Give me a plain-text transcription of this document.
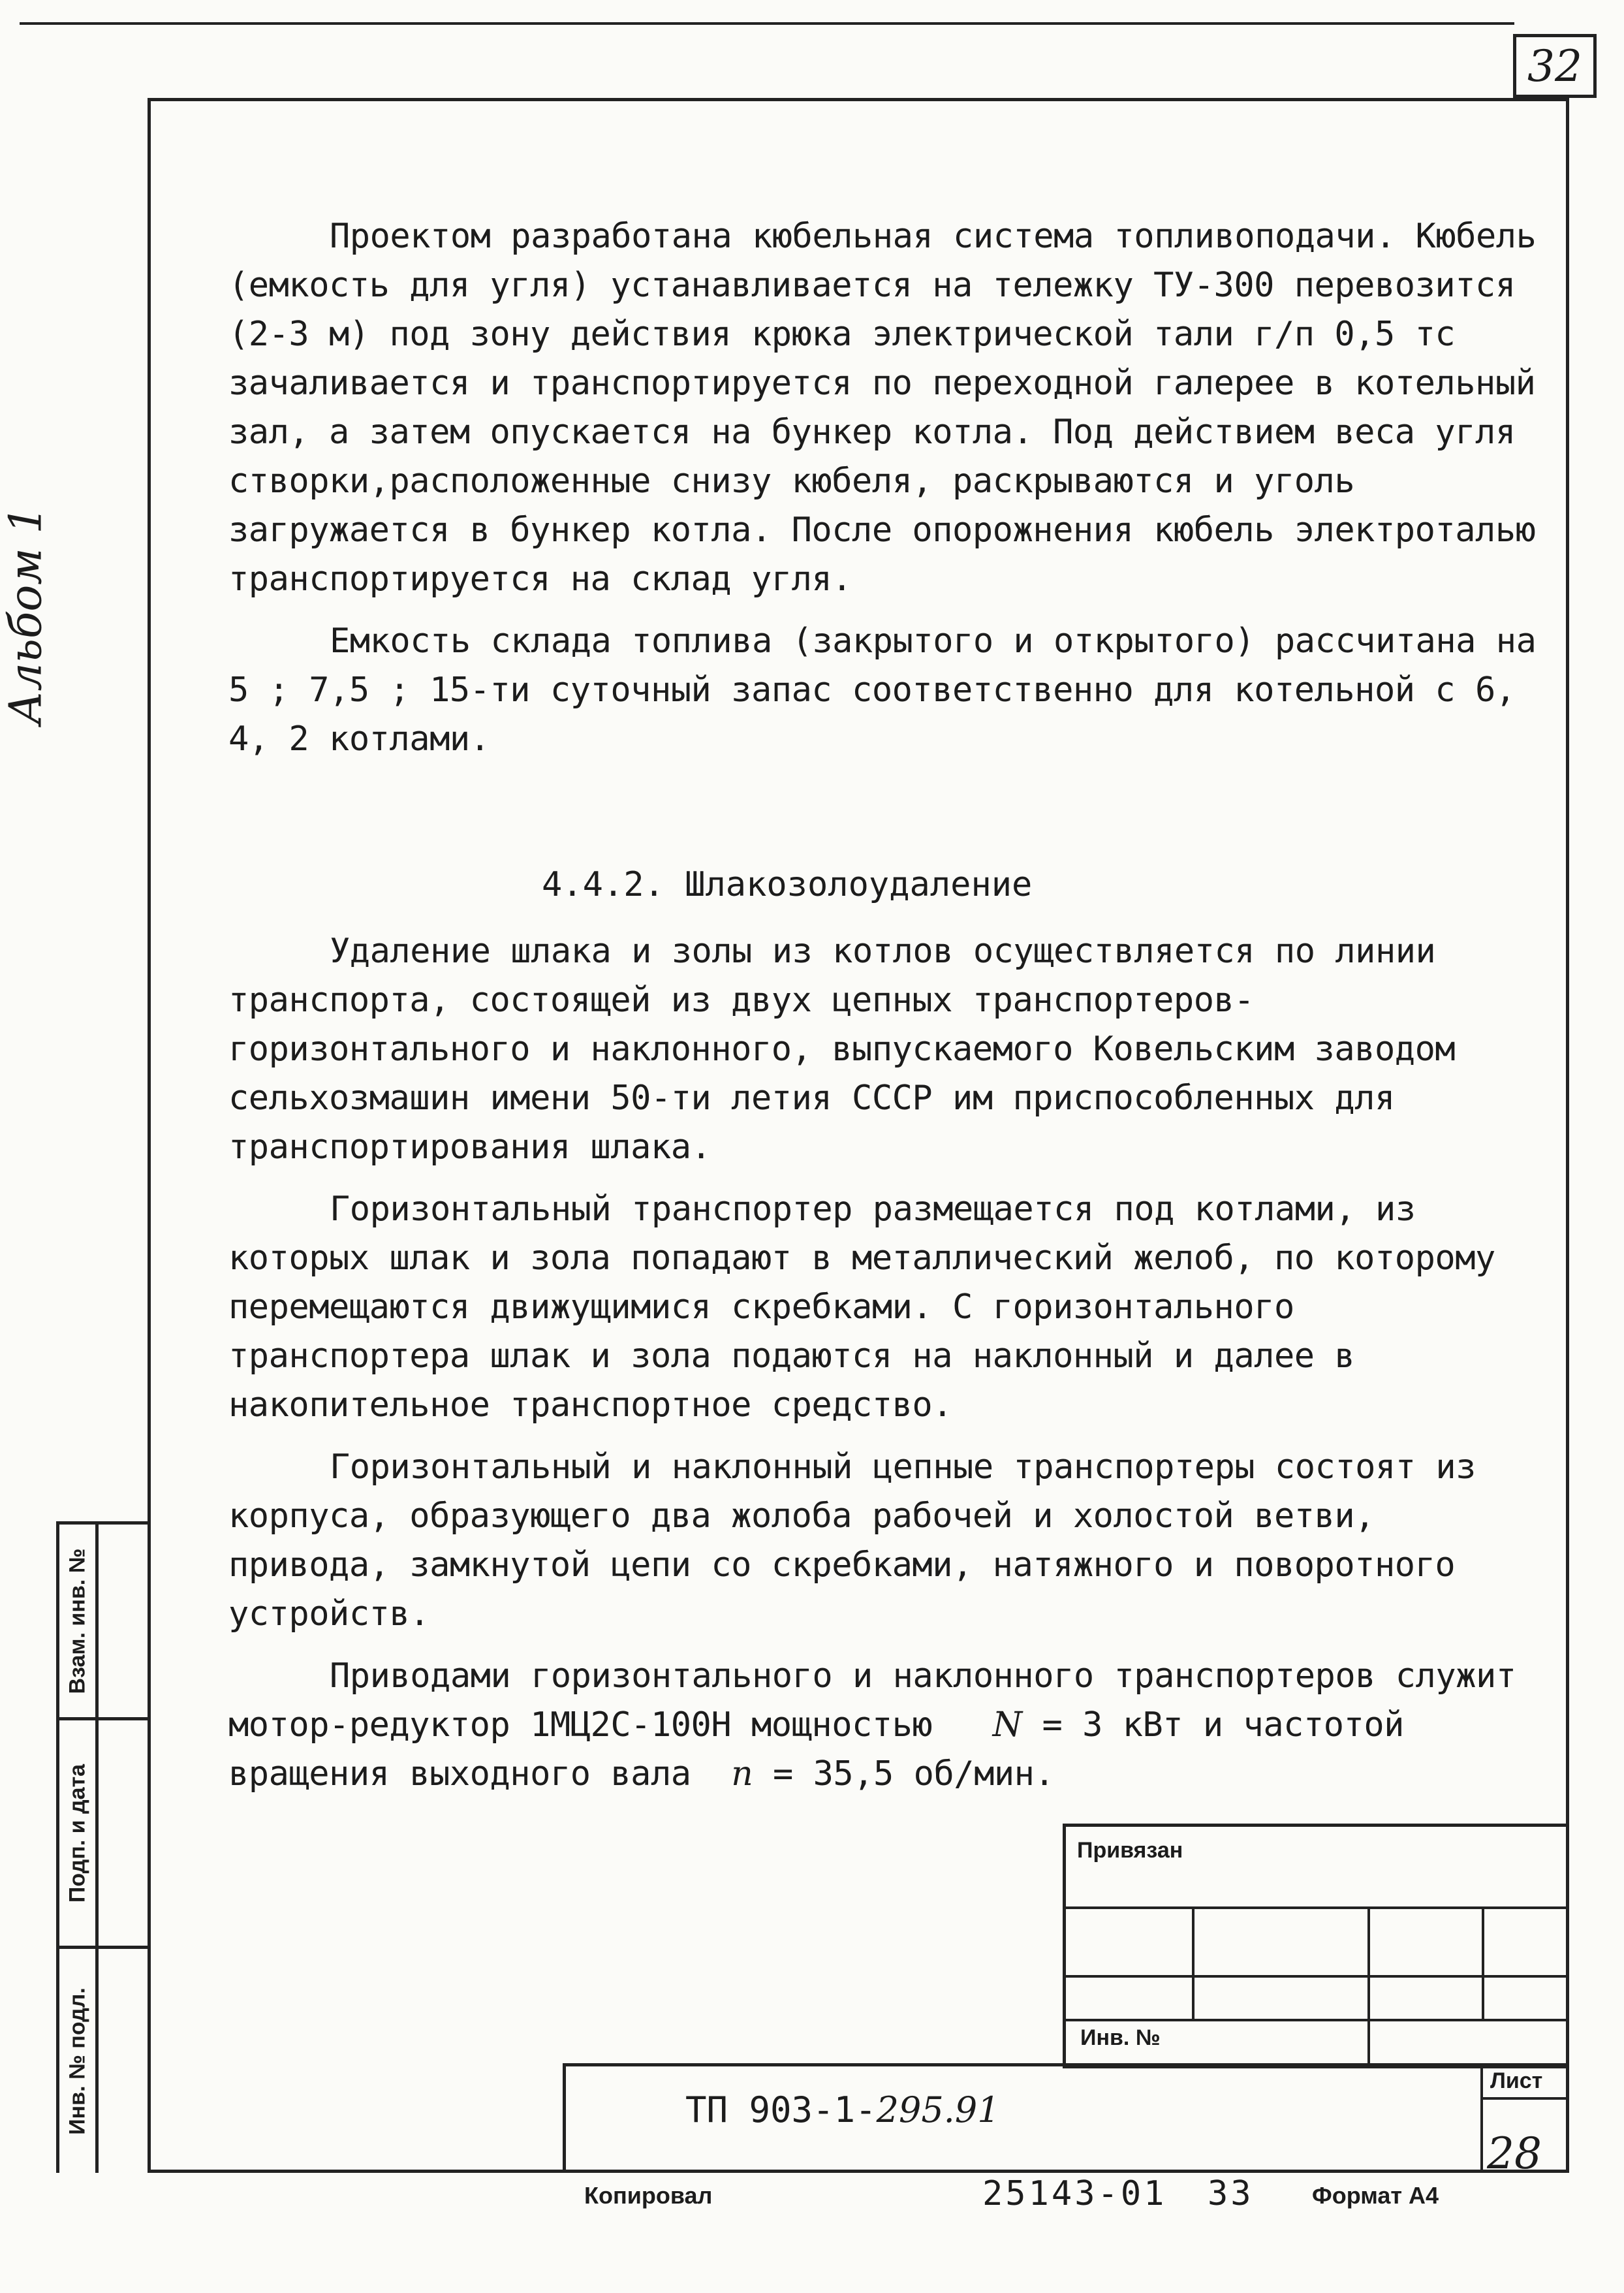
32
Альбом 1

Проектом разработана кюбельная система топливоподачи. Кюбель (емкость для угля) устанавливается на тележку ТУ-300 перевозится (2-3 м) под зону действия крюка электрической тали г/п 0,5 тс зачаливается и транспортируется по переходной галерее в котельный зал, а затем опускается на бункер котла. Под действием веса угля створки,расположенные снизу кюбеля, раскрываются и уголь загружается в бункер котла. После опорожнения кюбель электроталью транспортируется на склад угля.

Емкость склада топлива (закрытого и открытого) рассчитана на 5 ; 7,5 ; 15-ти суточный запас соответственно для котельной с 6, 4, 2 котлами.

4.4.2. Шлакозолоудаление

Удаление шлака и золы из котлов осуществляется по линии транспорта, состоящей из двух цепных транспортеров- горизонтального и наклонного, выпускаемого Ковельским заводом сельхозмашин имени 50-ти летия СССР им приспособленных для транспортирования шлака.

Горизонтальный транспортер размещается под котлами, из которых шлак и зола попадают в металлический желоб, по которому перемещаются движущимися скребками. С горизонтального транспортера шлак и зола подаются на наклонный и далее в накопительное транспортное средство.

Горизонтальный и наклонный цепные транспортеры состоят из корпуса, образующего два жолоба рабочей и холостой ветви, привода, замкнутой цепи со скребками, натяжного и поворотного устройств.

Приводами горизонтального и наклонного транспортеров служит мотор-редуктор 1МЦ2С-100Н мощностью N = 3 кВт и частотой вращения выходного вала n = 35,5 об/мин.

Взам. инв. №
Подп. и дата
Инв. № подл.
Привязан
Инв. №
Лист
28
ТП 903-1-295.91
Копировал	25143-01 33 Формат А4
